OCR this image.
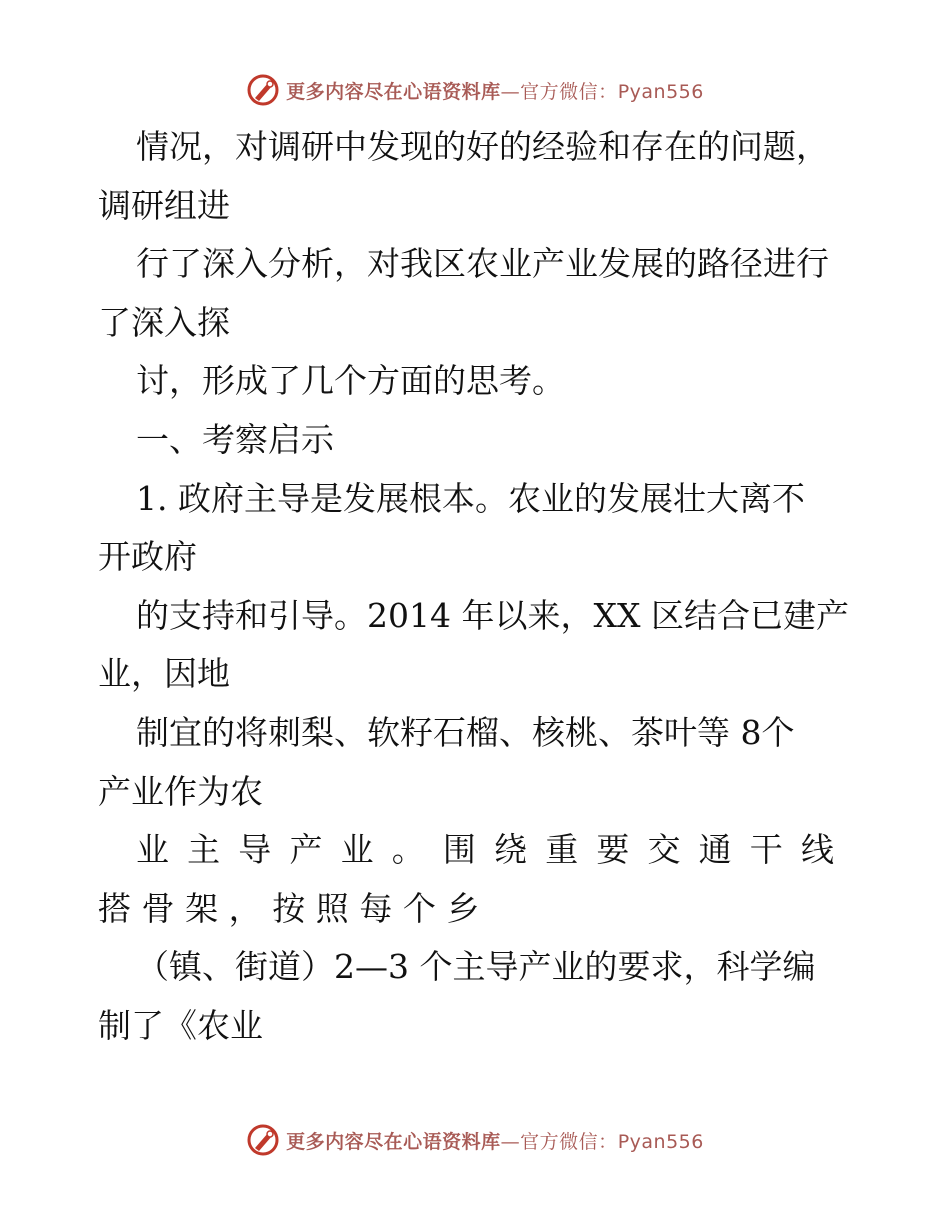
更多内容尽在心语资料库—官方微信：Pyan556
情况，对调研中发现的好的经验和存在的问题，
调研组进
行了深入分析，对我区农业产业发展的路径进行
了深入探
讨，形成了几个方面的思考。
一、考察启示
1. 政府主导是发展根本。农业的发展壮大离不
开政府
的支持和引导。2014 年以来，XX 区结合已建产
业，因地
制宜的将刺梨、软籽石榴、核桃、茶叶等 8个
产业作为农
业主导产业。围绕重要交通干线
搭骨架，按照每个乡
（镇、街道）2—3 个主导产业的要求，科学编
制了《农业
更多内容尽在心语资料库—官方微信：Pyan556
